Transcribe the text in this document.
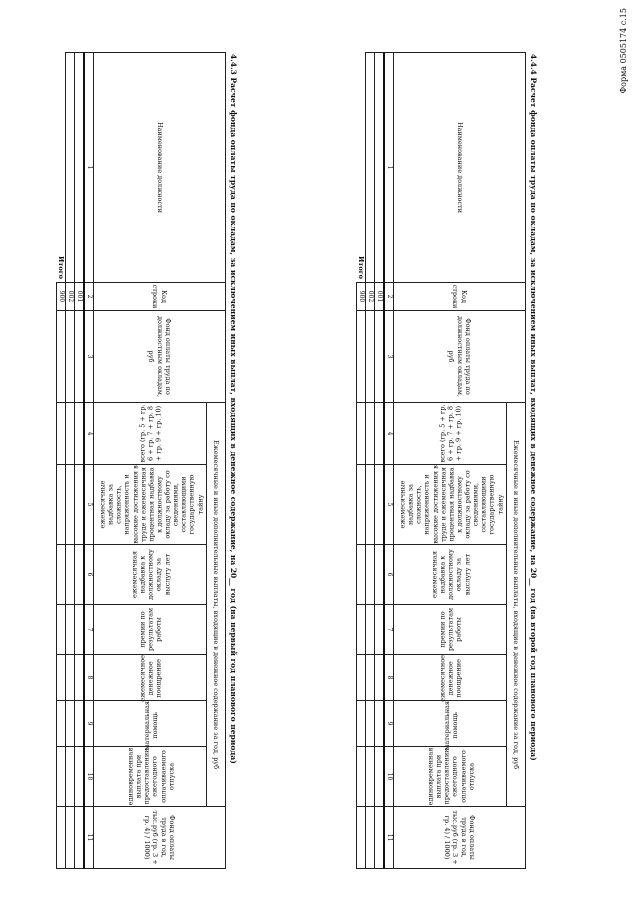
Форма 0505174 с.15
4.4.3 Расчет фонда оплаты труда по окладам, за исключением иных выплат, входящих в денежное содержание, на 20__ год (на первый год планового периода)
Наименование должности	Код строки	Фонд оплаты труда по должностным окладам, руб	Ежемесячные и иные дополнительные выплаты, входящие в денежное содержание за год, руб							Фонд оплаты труда в год, тыс.руб (гр. 3 + гр. 4) / 1000)

			всего (гр. 5 + гр. 6 + гр. 7 + гр. 8 + гр. 9 + гр. 10)	ежемесячные надбавка за сложность, напряженность и высокие достижения в труде и ежемесячная процентная надбавка к должностному окладу за работу со сведениями, составляющими государственную тайну	ежемесячная надбавка к должностному окладу за выслугу лет	премии по результатам работы	ежемесячное денежное поощрение	материальная помощь	единовременная выплата при предоставлении ежегодного оплачиваемого отпуска	
1	2	3	4	5	6	7	8	9	10	11
	001									
	002									
Итого	900										4.4.4 Расчет фонда оплаты труда по окладам, за исключением иных выплат, входящих в денежное содержание, на 20__ год (на второй год планового периода)
Наименование должности	Код строки	Фонд оплаты труда по должностным окладам, руб	Ежемесячные и иные дополнительные выплаты, входящие в денежное содержание за год, руб							Фонд оплаты труда в год, тыс.руб (гр. 3 + гр. 4) / 1000)

			всего (гр. 5 + гр. 6 + гр. 7 + гр. 8 + гр. 9 + гр. 10)	ежемесячные надбавка за сложность, напряженность и высокие достижения в труде и ежемесячная процентная надбавка к должностному окладу за работу со сведениями, составляющими государственную тайну	ежемесячная надбавка к должностному окладу за выслугу лет	премии по результатам работы	ежемесячное денежное поощрение	материальная помощь	единовременная выплата при предоставлении ежегодного оплачиваемого отпуска	
1	2	3	4	5	6	7	8	9	10	11
	001									
	002									
Итого	900									
